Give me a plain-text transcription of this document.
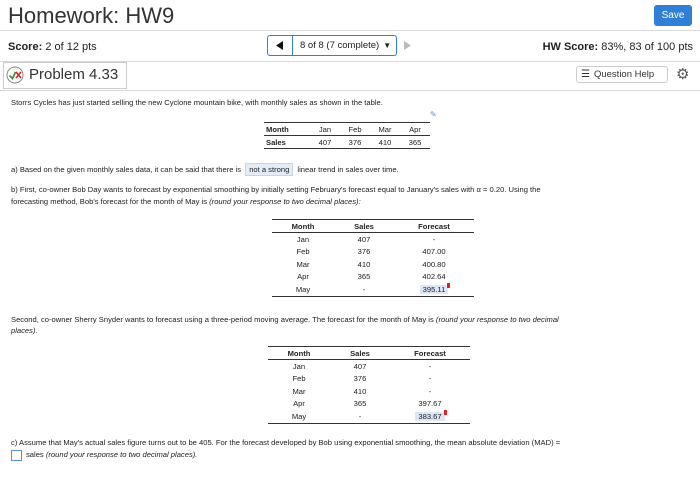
Homework: HW9	Save
Score: 2 of 12 pts	8 of 8 (7 complete) ▼	HW Score: 83%, 83 of 100 pts
Problem 4.33	☰ Question Help ⚙
Storrs Cycles has just started selling the new Cyclone mountain bike, with monthly sales as shown in the table.
✎
Month	Jan	Feb	Mar	Apr
Sales	407	376	410	365
a) Based on the given monthly sales data, it can be said that there is not a strong linear trend in sales over time.
b) First, co-owner Bob Day wants to forecast by exponential smoothing by initially setting February's forecast equal to January's sales with α = 0.20. Using the
forecasting method, Bob's forecast for the month of May is (round your response to two decimal places):
Month	Sales	Forecast
Jan	407	-
Feb	376	407.00
Mar	410	400.80
Apr	365	402.64
May	-	395.11
Second, co-owner Sherry Snyder wants to forecast using a three-period moving average. The forecast for the month of May is (round your response to two decimal
places).
Month	Sales	Forecast
Jan	407	-
Feb	376	-
Mar	410	-
Apr	365	397.67
May	-	383.67
c) Assume that May's actual sales figure turns out to be 405. For the forecast developed by Bob using exponential smoothing, the mean absolute deviation (MAD) =
sales (round your response to two decimal places).
